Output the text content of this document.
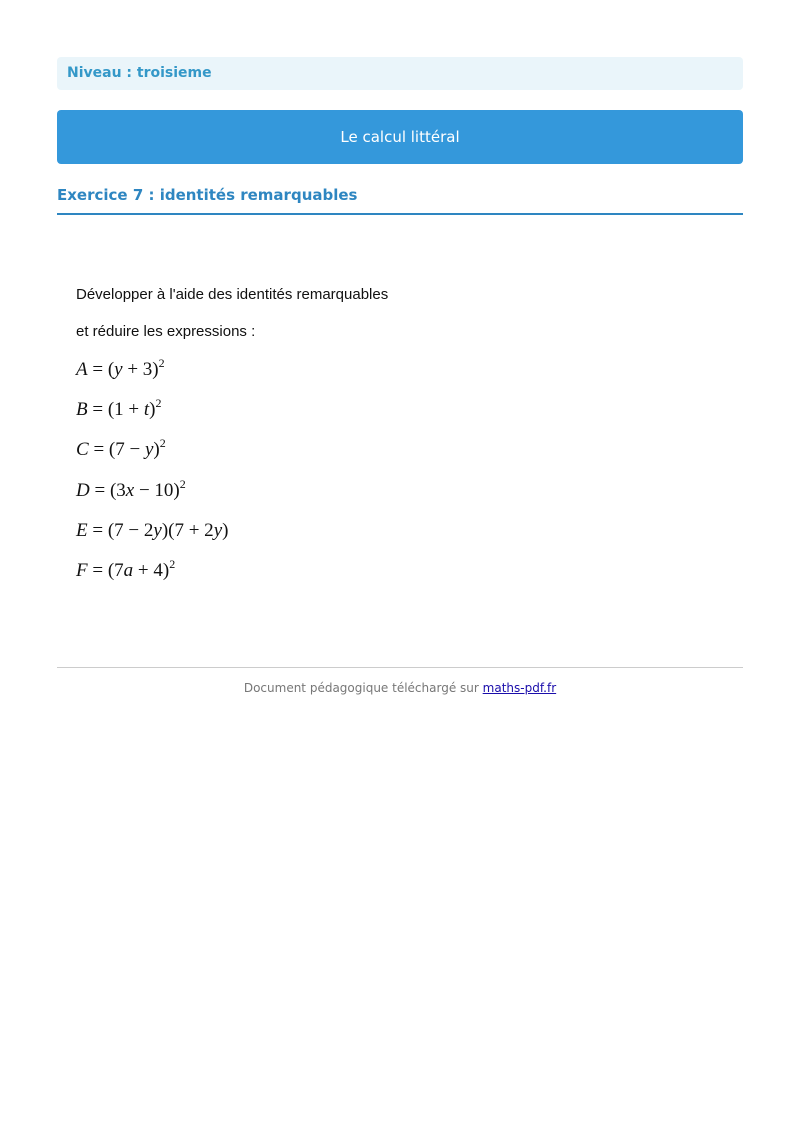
Niveau : troisieme
Le calcul littéral
Exercice 7 : identités remarquables
Développer à l'aide des identités remarquables
et réduire les expressions :
$A = (y + 3)^2$
$B = (1 + t)^2$
$C = (7 - y)^2$
$D = (3x - 10)^2$
E = (7 − 2y)(7 + 2y)
$F = (7a + 4)^2$
Document pédagogique téléchargé sur maths-pdf.fr
